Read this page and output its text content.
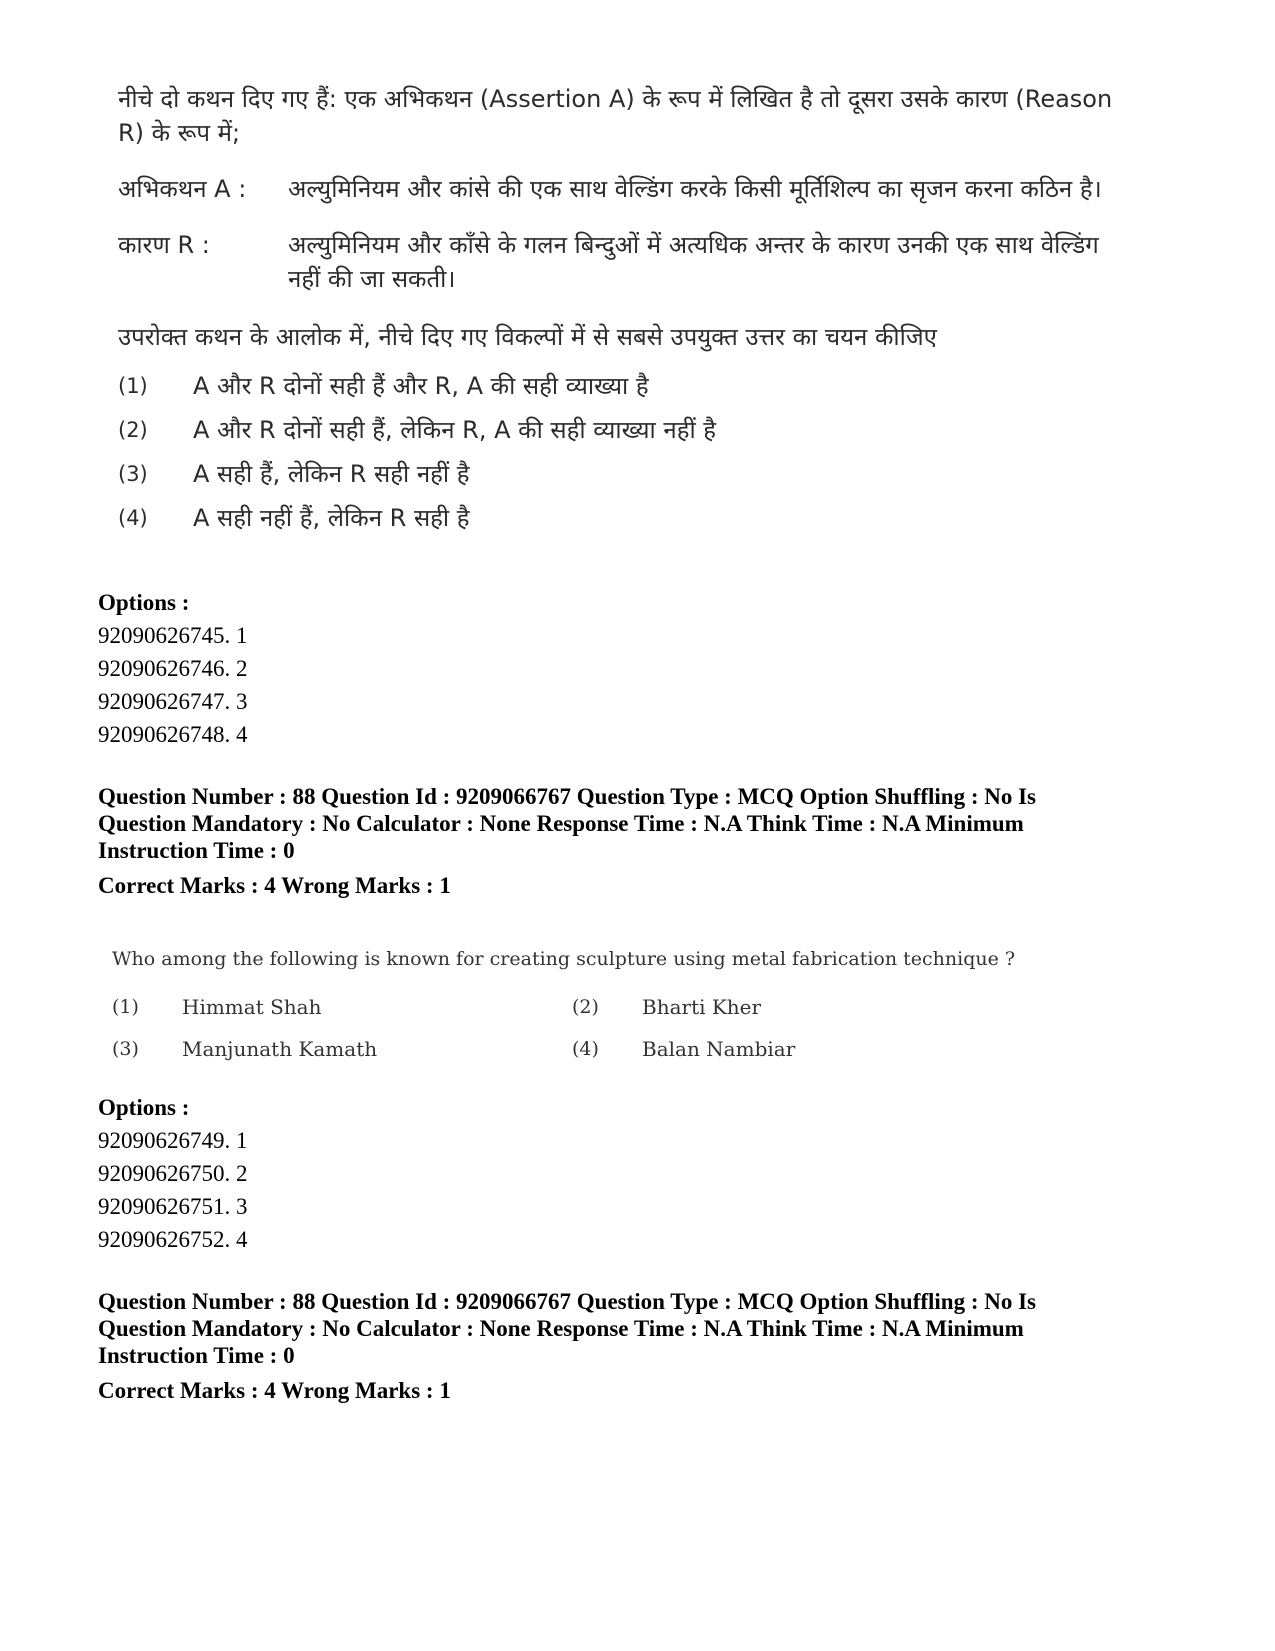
नीचे दो कथन दिए गए हैं: एक अभिकथन (Assertion A) के रूप में लिखित है तो दूसरा उसके कारण (Reason R) के रूप में;

अभिकथन A :	अल्युमिनियम और कांसे की एक साथ वेल्डिंग करके किसी मूर्तिशिल्प का सृजन करना कठिन है।
कारण R :	अल्युमिनियम और काँसे के गलन बिन्दुओं में अत्यधिक अन्तर के कारण उनकी एक साथ वेल्डिंग नहीं की जा सकती।
उपरोक्त कथन के आलोक में, नीचे दिए गए विकल्पों में से सबसे उपयुक्त उत्तर का चयन कीजिए
(1)	A और R दोनों सही हैं और R, A की सही व्याख्या है
(2)	A और R दोनों सही हैं, लेकिन R, A की सही व्याख्या नहीं है
(3)	A सही हैं, लेकिन R सही नहीं है
(4)	A सही नहीं हैं, लेकिन R सही है
Options :
92090626745. 1
92090626746. 2
92090626747. 3
92090626748. 4
Question Number : 88 Question Id : 9209066767 Question Type : MCQ Option Shuffling : No Is
Question Mandatory : No Calculator : None Response Time : N.A Think Time : N.A Minimum
Instruction Time : 0
Correct Marks : 4 Wrong Marks : 1
Who among the following is known for creating sculpture using metal fabrication technique ?
(1)	Himmat Shah	(2)	Bharti Kher
(3)	Manjunath Kamath	(4)	Balan Nambiar
Options :
92090626749. 1
92090626750. 2
92090626751. 3
92090626752. 4
Question Number : 88 Question Id : 9209066767 Question Type : MCQ Option Shuffling : No Is
Question Mandatory : No Calculator : None Response Time : N.A Think Time : N.A Minimum
Instruction Time : 0
Correct Marks : 4 Wrong Marks : 1
